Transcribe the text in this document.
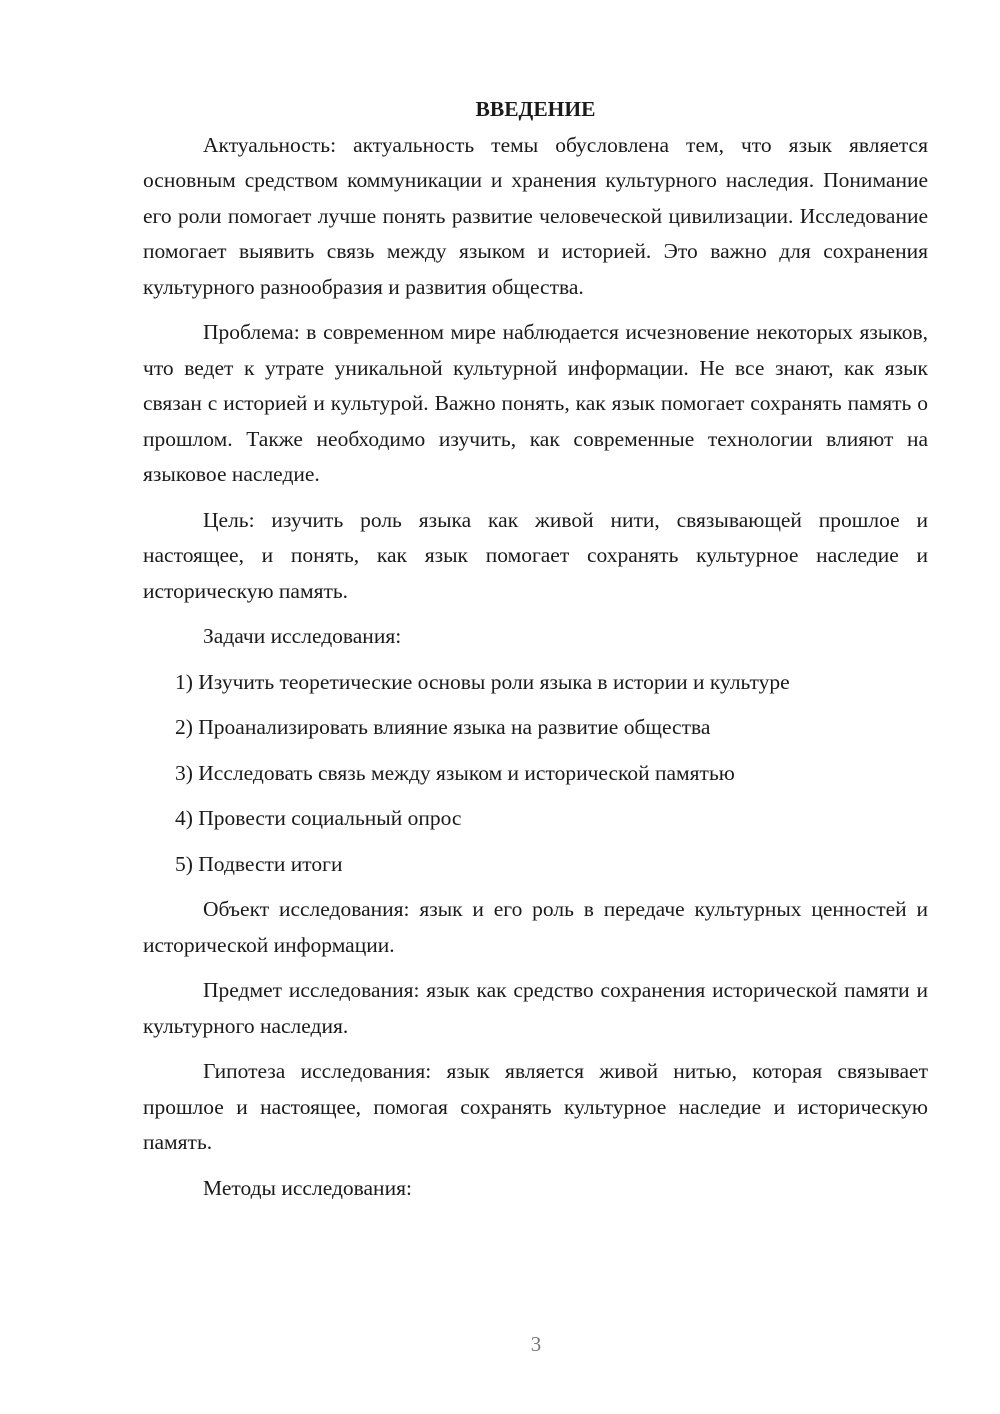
ВВЕДЕНИЕ

Актуальность: актуальность темы обусловлена тем, что язык является основным средством коммуникации и хранения культурного наследия. Понимание его роли помогает лучше понять развитие человеческой цивилизации. Исследование помогает выявить связь между языком и историей. Это важно для сохранения культурного разнообразия и развития общества.

Проблема: в современном мире наблюдается исчезновение некоторых языков, что ведет к утрате уникальной культурной информации. Не все знают, как язык связан с историей и культурой. Важно понять, как язык помогает сохранять память о прошлом. Также необходимо изучить, как современные технологии влияют на языковое наследие.

Цель: изучить роль языка как живой нити, связывающей прошлое и настоящее, и понять, как язык помогает сохранять культурное наследие и историческую память.

Задачи исследования:

1) Изучить теоретические основы роли языка в истории и культуре
2) Проанализировать влияние языка на развитие общества
3) Исследовать связь между языком и исторической памятью
4) Провести социальный опрос
5) Подвести итоги

Объект исследования: язык и его роль в передаче культурных ценностей и исторической информации.

Предмет исследования: язык как средство сохранения исторической памяти и культурного наследия.

Гипотеза исследования: язык является живой нитью, которая связывает прошлое и настоящее, помогая сохранять культурное наследие и историческую память.

Методы исследования:

3
